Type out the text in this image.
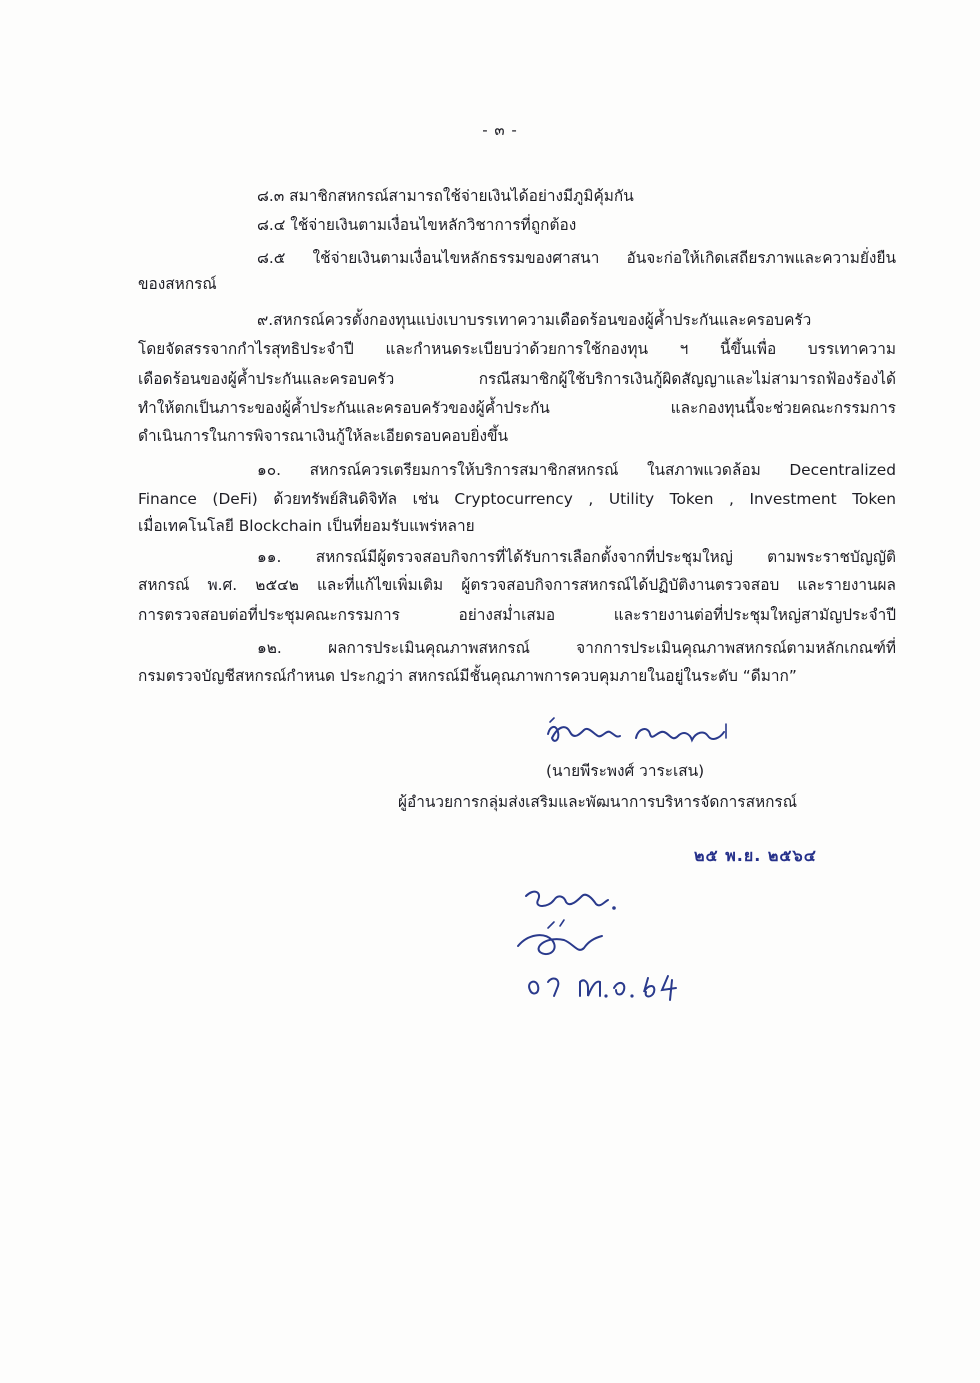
- ๓ -
๘.๓ สมาชิกสหกรณ์สามารถใช้จ่ายเงินได้อย่างมีภูมิคุ้มกัน
๘.๔ ใช้จ่ายเงินตามเงื่อนไขหลักวิชาการที่ถูกต้อง
๘.๕ ใช้จ่ายเงินตามเงื่อนไขหลักธรรมของศาสนา อันจะก่อให้เกิดเสถียรภาพและความยั่งยืน
ของสหกรณ์
๙.สหกรณ์ควรตั้งกองทุนแบ่งเบาบรรเทาความเดือดร้อนของผู้ค้ำประกันและครอบครัว
โดยจัดสรรจากกำไรสุทธิประจำปี และกำหนดระเบียบว่าด้วยการใช้กองทุน ฯ นี้ขึ้นเพื่อ บรรเทาความ
เดือดร้อนของผู้ค้ำประกันและครอบครัว กรณีสมาชิกผู้ใช้บริการเงินกู้ผิดสัญญาและไม่สามารถฟ้องร้องได้
ทำให้ตกเป็นภาระของผู้ค้ำประกันและครอบครัวของผู้ค้ำประกัน และกองทุนนี้จะช่วยคณะกรรมการ
ดำเนินการในการพิจารณาเงินกู้ให้ละเอียดรอบคอบยิ่งขึ้น
๑๐. สหกรณ์ควรเตรียมการให้บริการสมาชิกสหกรณ์ ในสภาพแวดล้อม Decentralized
Finance (DeFi) ด้วยทรัพย์สินดิจิทัล เช่น Cryptocurrency , Utility Token , Investment Token
เมื่อเทคโนโลยี Blockchain เป็นที่ยอมรับแพร่หลาย
๑๑. สหกรณ์มีผู้ตรวจสอบกิจการที่ได้รับการเลือกตั้งจากที่ประชุมใหญ่ ตามพระราชบัญญัติ
สหกรณ์ พ.ศ. ๒๕๔๒ และที่แก้ไขเพิ่มเติม ผู้ตรวจสอบกิจการสหกรณ์ได้ปฏิบัติงานตรวจสอบ และรายงานผล
การตรวจสอบต่อที่ประชุมคณะกรรมการ อย่างสม่ำเสมอ และรายงานต่อที่ประชุมใหญ่สามัญประจำปี
๑๒. ผลการประเมินคุณภาพสหกรณ์ จากการประเมินคุณภาพสหกรณ์ตามหลักเกณฑ์ที่
กรมตรวจบัญชีสหกรณ์กำหนด ประกฎว่า สหกรณ์มีชั้นคุณภาพการควบคุมภายในอยู่ในระดับ “ดีมาก”
(นายพีระพงศ์ วาระเสน)
ผู้อำนวยการกลุ่มส่งเสริมและพัฒนาการบริหารจัดการสหกรณ์
๒๕ พ.ย. ๒๕๖๔
